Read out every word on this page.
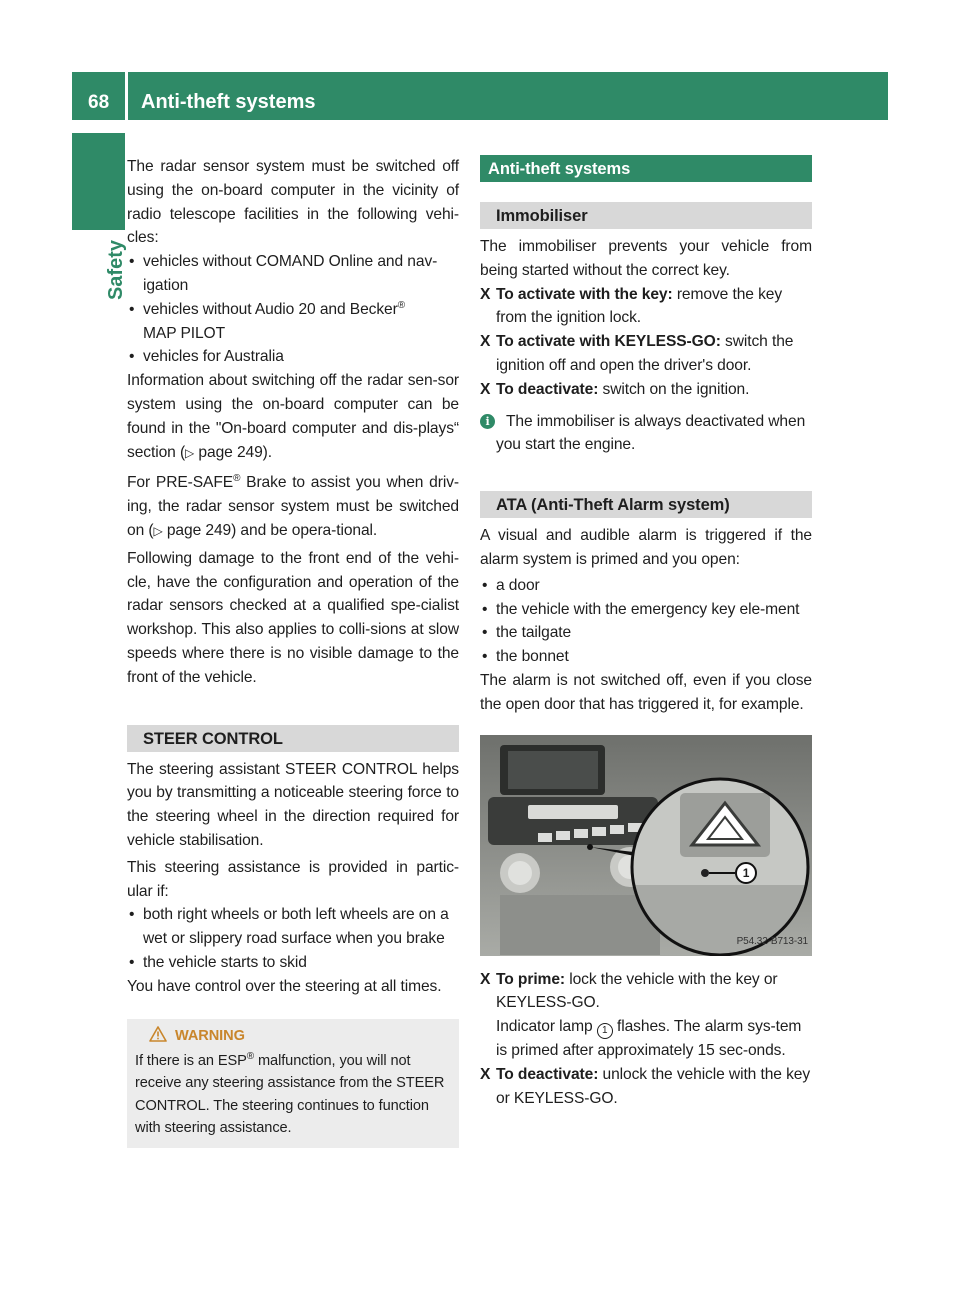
68 Anti-theft systems
Safety

The radar sensor system must be switched off using the on-board computer in the vicinity of radio telescope facilities in the following vehi-cles:

• vehicles without COMAND Online and nav-igation

• vehicles without Audio 20 and Becker®
MAP PILOT

• vehicles for Australia

Information about switching off the radar sen-sor system using the on-board computer can be found in the "On-board computer and dis-plays“ section (▷ page 249).

For PRE-SAFE® Brake to assist you when driv-ing, the radar sensor system must be switched on (▷ page 249) and be opera-tional.

Following damage to the front end of the vehi-cle, have the configuration and operation of the radar sensors checked at a qualified spe-cialist workshop. This also applies to colli-sions at slow speeds where there is no visible damage to the front of the vehicle.

STEER CONTROL

The steering assistant STEER CONTROL helps you by transmitting a noticeable steering force to the steering wheel in the direction required for vehicle stabilisation.

This steering assistance is provided in partic-ular if:

• both right wheels or both left wheels are on a wet or slippery road surface when you brake

• the vehicle starts to skid

You have control over the steering at all times.

WARNING

If there is an ESP® malfunction, you will not receive any steering assistance from the STEER CONTROL. The steering continues to function with steering assistance.

Anti-theft systems
Immobiliser

The immobiliser prevents your vehicle from being started without the correct key.

X To activate with the key: remove the key from the ignition lock.

X To activate with KEYLESS-GO: switch the ignition off and open the driver's door.

X To deactivate: switch on the ignition.

i	The immobiliser is always deactivated when you start the engine.

ATA (Anti-Theft Alarm system)

A visual and audible alarm is triggered if the alarm system is primed and you open:

• a door

• the vehicle with the emergency key ele-ment

• the tailgate

• the bonnet

The alarm is not switched off, even if you close the open door that has triggered it, for example.

1
P54.32-B713-31

X To prime: lock the vehicle with the key or KEYLESS-GO.
Indicator lamp 1 flashes. The alarm sys-tem is primed after approximately 15 sec-onds.

X To deactivate: unlock the vehicle with the key or KEYLESS-GO.
